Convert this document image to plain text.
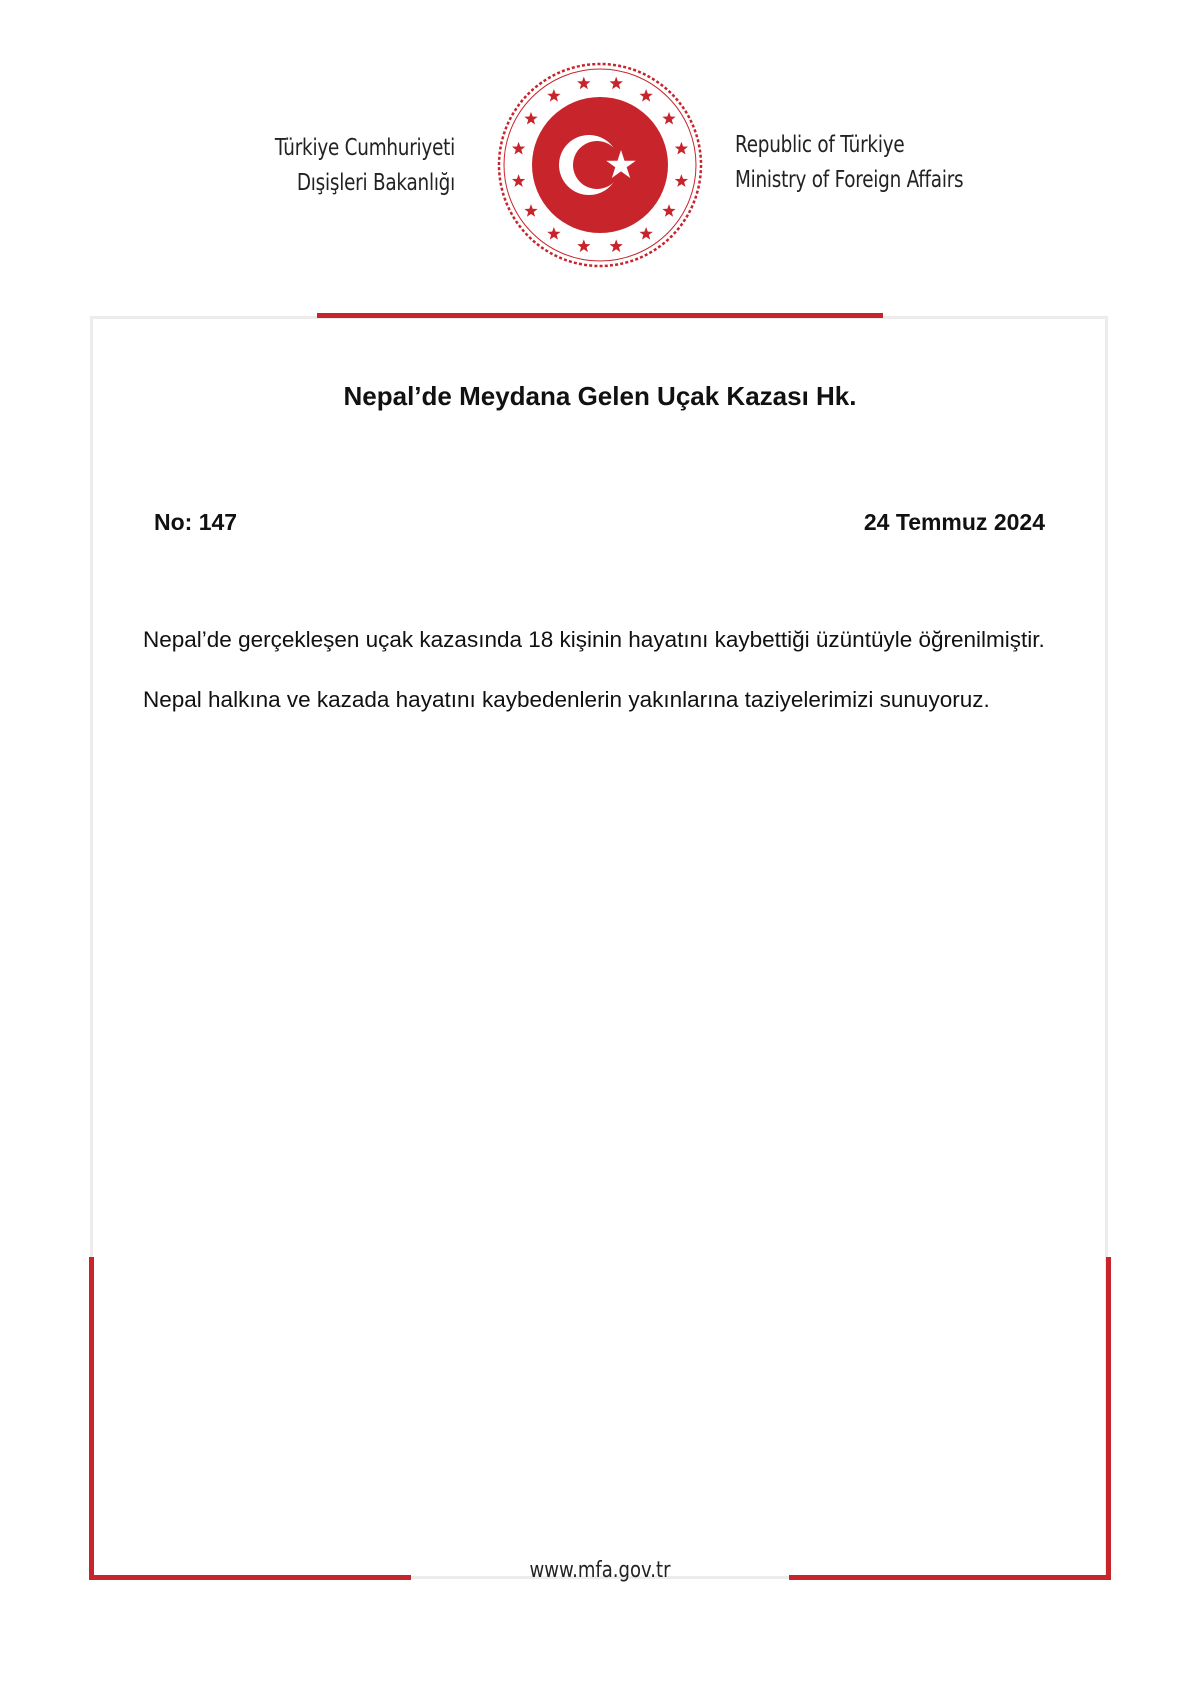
Türkiye Cumhuriyeti
Dışişleri Bakanlığı
Republic of Türkiye
Ministry of Foreign Affairs
Nepal’de Meydana Gelen Uçak Kazası Hk.
No: 147	24 Temmuz 2024

Nepal’de gerçekleşen uçak kazasında 18 kişinin hayatını kaybettiği üzüntüyle öğrenilmiştir.

Nepal halkına ve kazada hayatını kaybedenlerin yakınlarına taziyelerimizi sunuyoruz.

www.mfa.gov.tr
